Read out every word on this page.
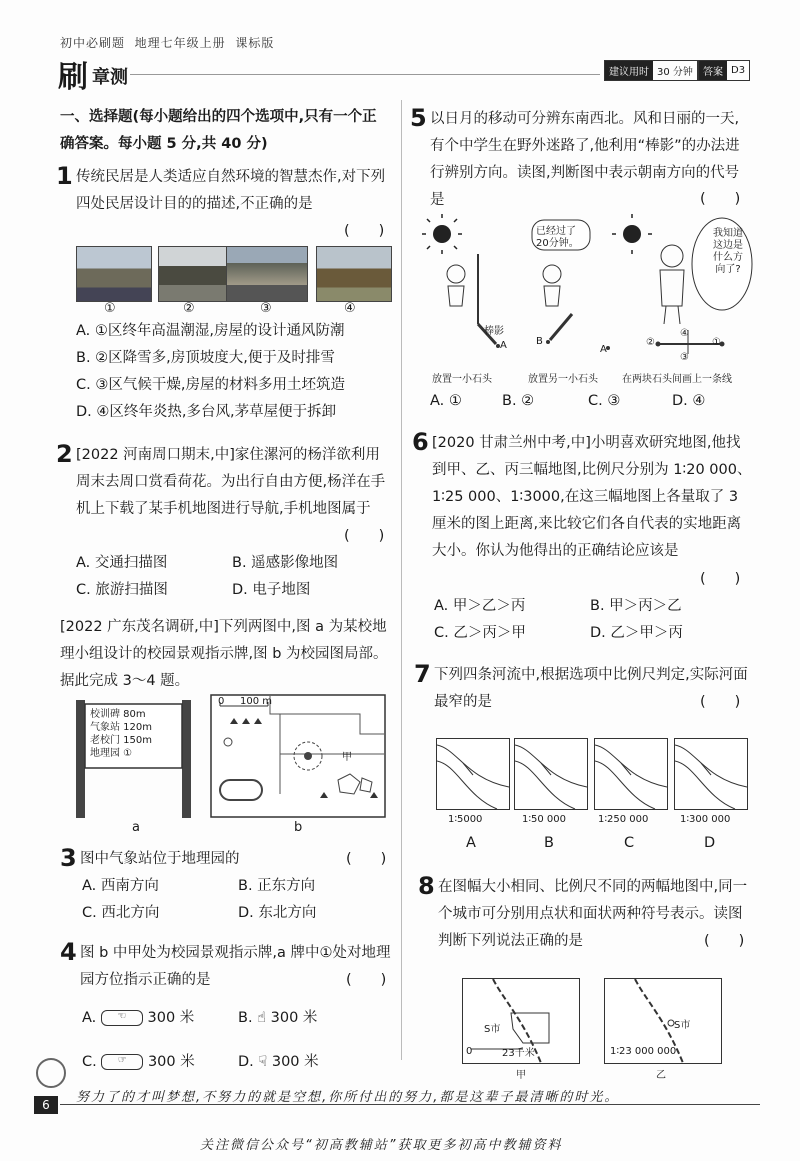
初中必刷题 地理七年级上册 课标版
刷 章测	建议用时 30 分钟	答案 D3
一、选择题(每小题给出的四个选项中,只有一个正确答案。每小题 5 分,共 40 分)
1 传统民居是人类适应自然环境的智慧杰作,对下列四处民居设计目的的描述,不正确的是
(　　)
①	②	③	④
A. ①区终年高温潮湿,房屋的设计通风防潮
B. ②区降雪多,房顶坡度大,便于及时排雪
C. ③区气候干燥,房屋的材料多用土坯筑造
D. ④区终年炎热,多台风,茅草屋便于拆卸
2 [2022 河南周口期末,中]家住漯河的杨洋欲利用周末去周口赏看荷花。为出行自由方便,杨洋在手机上下载了某手机地图进行导航,手机地图属于
(　　)
A. 交通扫描图	B. 遥感影像地图
C. 旅游扫描图	D. 电子地图
[2022 广东茂名调研,中]下列两图中,图 a 为某校地理小组设计的校园景观指示牌,图 b 为校园图局部。据此完成 3～4 题。
校训碑 80m
气象站 120m
老校门 150m
地理园 ①
a
0 100 m
甲
b
3 图中气象站位于地理园的	(　　)
A. 西南方向	B. 正东方向
C. 西北方向	D. 东北方向
4 图 b 中甲处为校园景观指示牌,a 牌中①处对地理园方位指示正确的是	(　　)
A. ☜ 300 米	B. ☝ 300 米
C. ☞ 300 米	D. ☟ 300 米
5 以日月的移动可分辨东南西北。风和日丽的一天,有个中学生在野外迷路了,他利用“棒影”的办法进行辨别方向。读图,判断图中表示朝南方向的代号是	(　　)
已经过了20分钟。
我知道这边是什么方向了?
棒影
A	B
A
②
④
①
③
放置一小石头	放置另一小石头 在两块石头间画上一条线
A. ①	B. ②	C. ③	D. ④
6 [2020 甘肃兰州中考,中]小明喜欢研究地图,他找到甲、乙、丙三幅地图,比例尺分别为 1∶20 000、1∶25 000、1∶3000,在这三幅地图上各量取了 3 厘米的图上距离,来比较它们各自代表的实地距离大小。你认为他得出的正确结论应该是
(　　)
A. 甲＞乙＞丙	B. 甲＞丙＞乙
C. 乙＞丙＞甲	D. 乙＞甲＞丙
7 下列四条河流中,根据选项中比例尺判定,实际河面最窄的是	(　　)
1∶5000	1∶50 000	1∶250 000	1∶300 000
A	B	C	D
8 在图幅大小相同、比例尺不同的两幅地图中,同一个城市可分别用点状和面状两种符号表示。读图判断下列说法正确的是	(　　)
S市
0	23千米
S市
1∶23 000 000
甲	乙
6	努力了的才叫梦想,不努力的就是空想,你所付出的努力,都是这辈子最清晰的时光。
关注微信公众号“初高教辅站”获取更多初高中教辅资料
